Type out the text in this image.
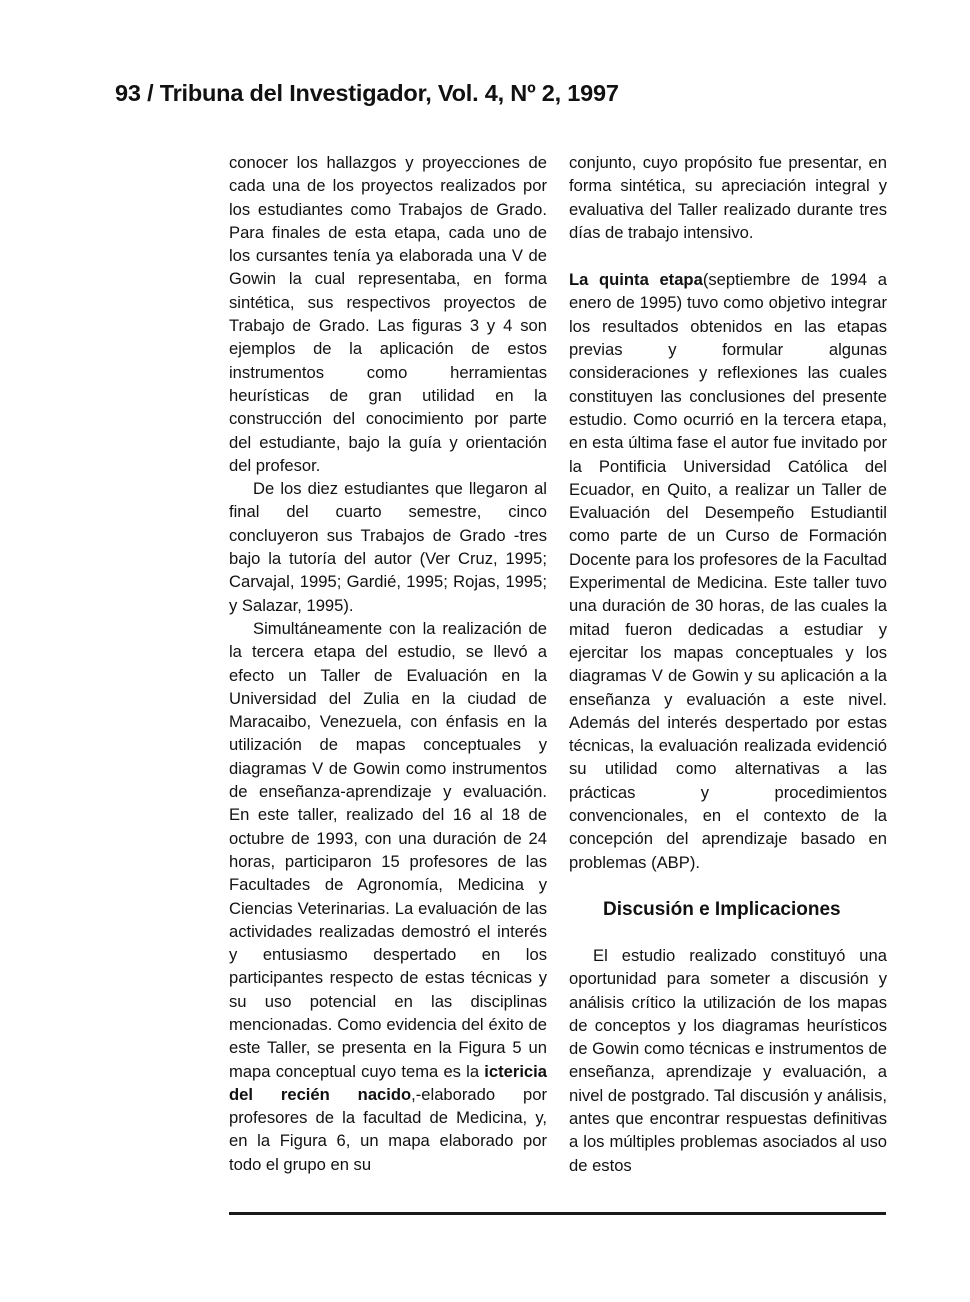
93 / Tribuna del Investigador, Vol. 4, Nº 2, 1997

conocer los hallazgos y proyecciones de cada una de los proyectos realizados por los estudiantes como Trabajos de Grado. Para finales de esta etapa, cada uno de los cursantes tenía ya elaborada una V de Gowin la cual representaba, en forma sintética, sus respectivos proyectos de Trabajo de Grado. Las figuras 3 y 4 son ejemplos de la aplicación de estos instrumentos como herramientas heurísticas de gran utilidad en la construcción del conocimiento por parte del estudiante, bajo la guía y orientación del profesor.

De los diez estudiantes que llegaron al final del cuarto semestre, cinco concluyeron sus Trabajos de Grado -tres bajo la tutoría del autor (Ver Cruz, 1995; Carvajal, 1995; Gardié, 1995; Rojas, 1995; y Salazar, 1995).

Simultáneamente con la realización de la tercera etapa del estudio, se llevó a efecto un Taller de Evaluación en la Universidad del Zulia en la ciudad de Maracaibo, Venezuela, con énfasis en la utilización de mapas conceptuales y diagramas V de Gowin como instrumentos de enseñanza-aprendizaje y evaluación. En este taller, realizado del 16 al 18 de octubre de 1993, con una duración de 24 horas, participaron 15 profesores de las Facultades de Agronomía, Medicina y Ciencias Veterinarias. La evaluación de las actividades realizadas demostró el interés y entusiasmo despertado en los participantes respecto de estas técnicas y su uso potencial en las disciplinas mencionadas. Como evidencia del éxito de este Taller, se presenta en la Figura 5 un mapa conceptual cuyo tema es la ictericia del recién nacido,-elaborado por profesores de la facultad de Medicina, y, en la Figura 6, un mapa elaborado por todo el grupo en su

conjunto, cuyo propósito fue presentar, en forma sintética, su apreciación integral y evaluativa del Taller realizado durante tres días de trabajo intensivo.

La quinta etapa(septiembre de 1994 a enero de 1995) tuvo como objetivo integrar los resultados obtenidos en las etapas previas y formular algunas consideraciones y reflexiones las cuales constituyen las conclusiones del presente estudio. Como ocurrió en la tercera etapa, en esta última fase el autor fue invitado por la Pontificia Universidad Católica del Ecuador, en Quito, a realizar un Taller de Evaluación del Desempeño Estudiantil como parte de un Curso de Formación Docente para los profesores de la Facultad Experimental de Medicina. Este taller tuvo una duración de 30 horas, de las cuales la mitad fueron dedicadas a estudiar y ejercitar los mapas conceptuales y los diagramas V de Gowin y su aplicación a la enseñanza y evaluación a este nivel. Además del interés despertado por estas técnicas, la evaluación realizada evidenció su utilidad como alternativas a las prácticas y procedimientos convencionales, en el contexto de la concepción del aprendizaje basado en problemas (ABP).

Discusión e Implicaciones

El estudio realizado constituyó una oportunidad para someter a discusión y análisis crítico la utilización de los mapas de conceptos y los diagramas heurísticos de Gowin como técnicas e instrumentos de enseñanza, aprendizaje y evaluación, a nivel de postgrado. Tal discusión y análisis, antes que encontrar respuestas definitivas a los múltiples problemas asociados al uso de estos
